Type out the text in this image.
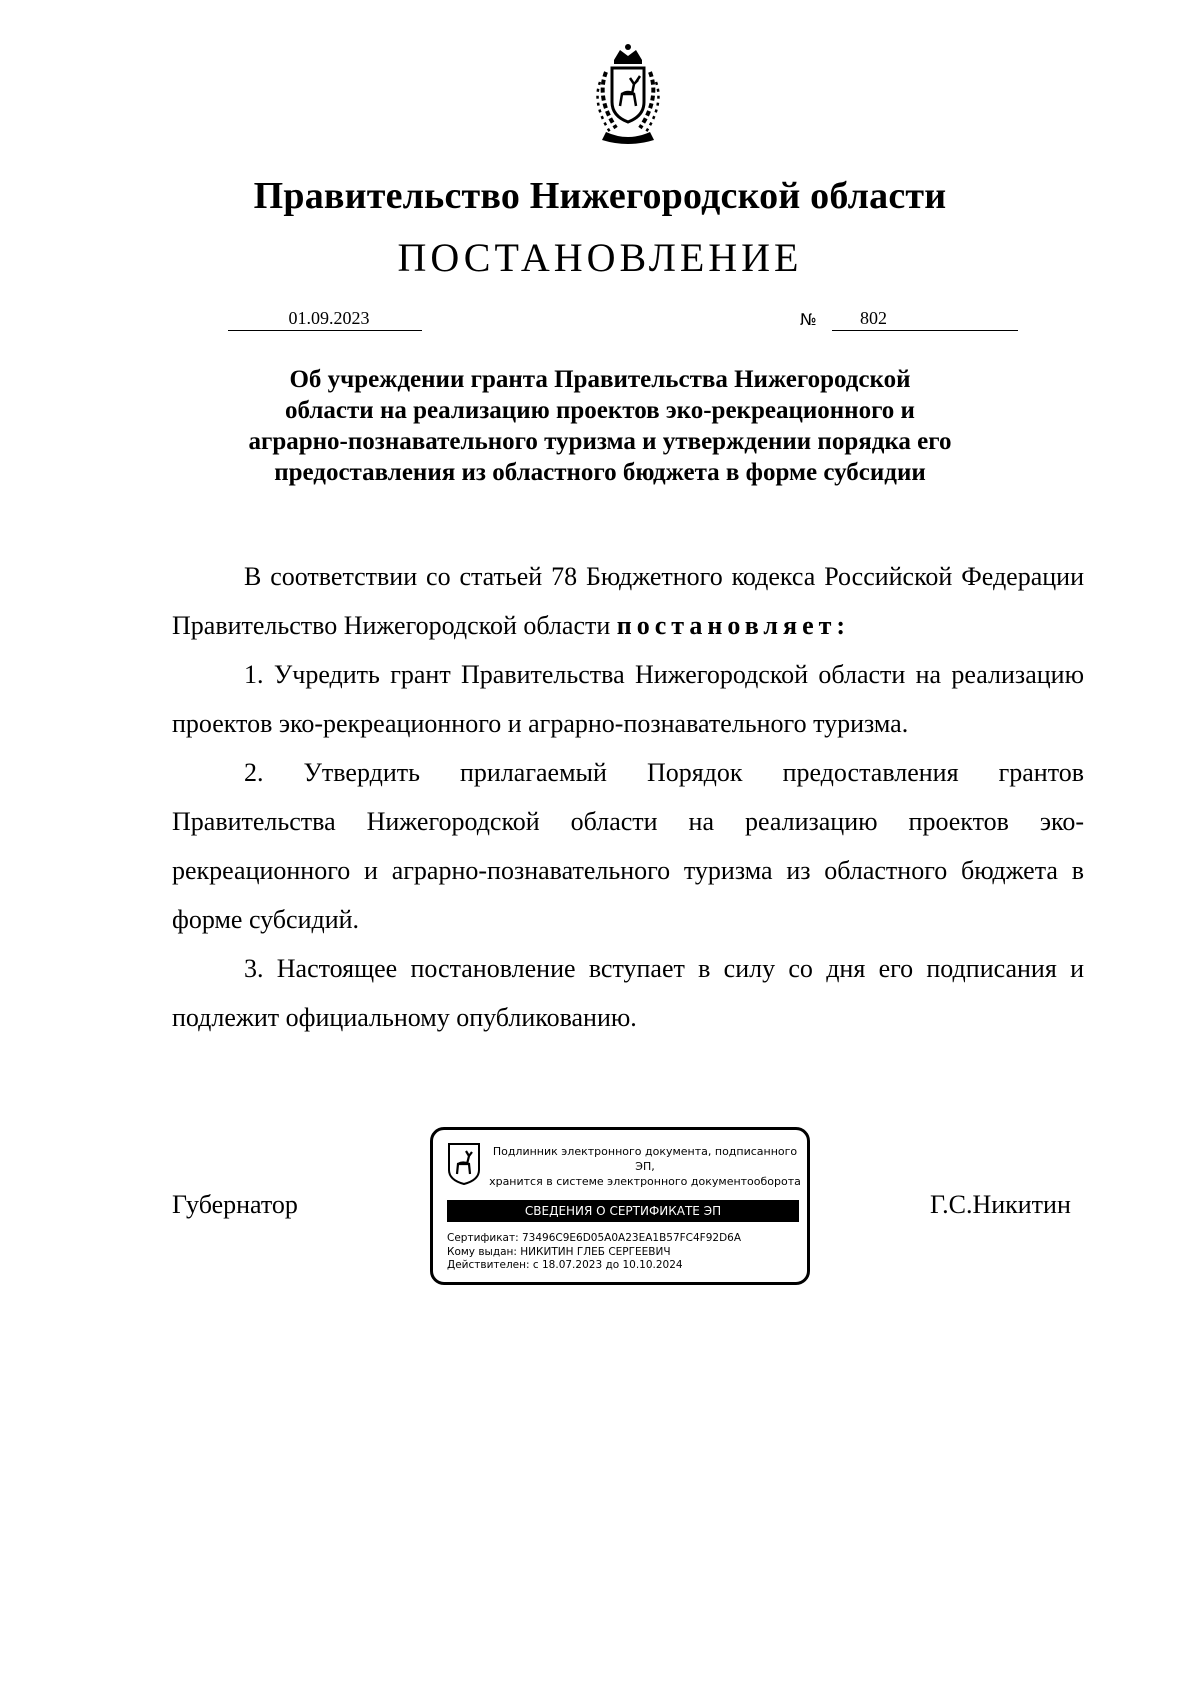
Правительство Нижегородской области
ПОСТАНОВЛЕНИЕ
01.09.2023	№	802

Об учреждении гранта Правительства Нижегородской
области на реализацию проектов эко-рекреационного и
аграрно-познавательного туризма и утверждении порядка его
предоставления из областного бюджета в форме субсидии

В соответствии со статьей 78 Бюджетного кодекса Российской Федерации Правительство Нижегородской области постановляет:

1. Учредить грант Правительства Нижегородской области на реализацию проектов эко-рекреационного и аграрно-познавательного туризма.

2. Утвердить прилагаемый Порядок предоставления грантов Правительства Нижегородской области на реализацию проектов эко-рекреационного и аграрно-познавательного туризма из областного бюджета в форме субсидий.

3. Настоящее постановление вступает в силу со дня его подписания и подлежит официальному опубликованию.

Губернатор	Г.С.Никитин
Подлинник электронного документа, подписанного ЭП,
хранится в системе электронного документооборота
СВЕДЕНИЯ О СЕРТИФИКАТЕ ЭП
Сертификат: 73496C9E6D05A0A23EA1B57FC4F92D6A
Кому выдан: НИКИТИН ГЛЕБ СЕРГЕЕВИЧ
Действителен: с 18.07.2023 до 10.10.2024
